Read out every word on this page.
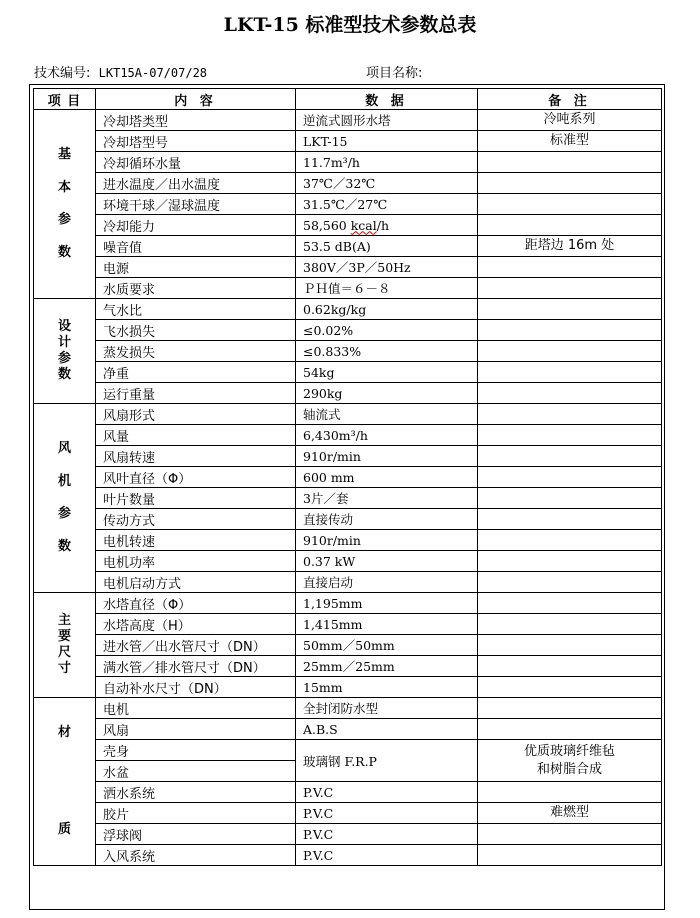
LKT-15 标准型技术参数总表
技术编号: LKT15A-07/07/28	项目名称:
项 目	内 容	数 据	备 注
基

本

参

数	冷却塔类型	逆流式圆形水塔	冷吨系列
	冷却塔型号	LKT-15	标准型
	冷却循环水量	11.7m³/h	
	进水温度／出水温度	37℃／32℃	
	环境干球／湿球温度	31.5℃／27℃	
	冷却能力	58,560 kcal/h	
	噪音值	53.5 dB(A)	距塔边 16m 处
	电源	380V／3P／50Hz	
	水质要求	ＰＨ值＝６－８	
设
计
参
数	气水比	0.62kg/kg	
	飞水损失	≤0.02%	
	蒸发损失	≤0.833%	
	净重	54kg	
	运行重量	290kg	
风

机

参

数	风扇形式	轴流式	
	风量	6,430m³/h	
	风扇转速	910r/min	
	风叶直径（Φ）	600 mm	
	叶片数量	3片／套	
	传动方式	直接传动	
	电机转速	910r/min	
	电机功率	0.37 kW	
	电机启动方式	直接启动	
主
要
尺
寸	水塔直径（Φ）	1,195mm	
	水塔高度（H）	1,415mm	
	进水管／出水管尺寸（DN）	50mm／50mm	
	满水管／排水管尺寸（DN）	25mm／25mm	
	自动补水尺寸（DN）	15mm	
材

质	电机	全封闭防水型	
	风扇	A.B.S	
	壳身	玻璃钢 F.R.P	优质玻璃纤维毡
和树脂合成
	水盆		
	洒水系统	P.V.C	
	胶片	P.V.C	难燃型
	浮球阀	P.V.C	
	入风系统	P.V.C	
